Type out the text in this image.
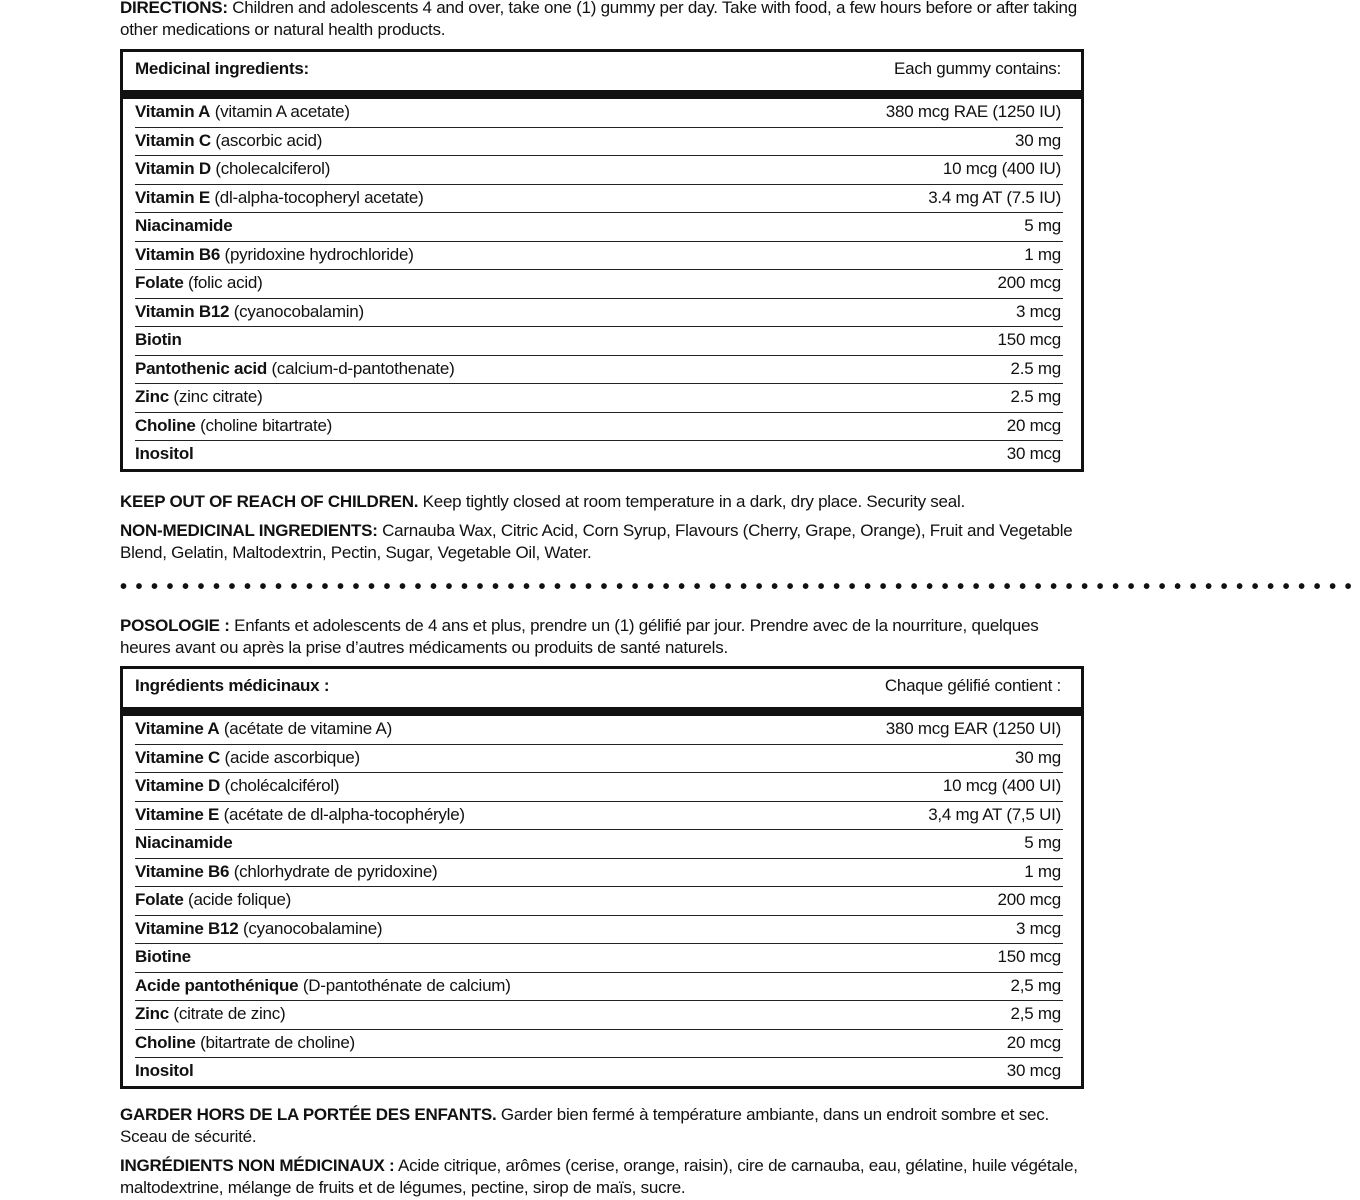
DIRECTIONS: Children and adolescents 4 and over, take one (1) gummy per day. Take with food, a few hours before or after taking other medications or natural health products.

Medicinal ingredients:	Each gummy contains:
Vitamin A (vitamin A acetate)	380 mcg RAE (1250 IU)
Vitamin C (ascorbic acid)	30 mg
Vitamin D (cholecalciferol)	10 mcg (400 IU)
Vitamin E (dl-alpha-tocopheryl acetate)	3.4 mg AT (7.5 IU)
Niacinamide	5 mg
Vitamin B6 (pyridoxine hydrochloride)	1 mg
Folate (folic acid)	200 mcg
Vitamin B12 (cyanocobalamin)	3 mcg
Biotin	150 mcg
Pantothenic acid (calcium-d-pantothenate)	2.5 mg
Zinc (zinc citrate)	2.5 mg
Choline (choline bitartrate)	20 mcg
Inositol	30 mcg

KEEP OUT OF REACH OF CHILDREN. Keep tightly closed at room temperature in a dark, dry place. Security seal.

NON-MEDICINAL INGREDIENTS: Carnauba Wax, Citric Acid, Corn Syrup, Flavours (Cherry, Grape, Orange), Fruit and Vegetable Blend, Gelatin, Maltodextrin, Pectin, Sugar, Vegetable Oil, Water.

••••••••••••••••••••••••••••••••••••••••••••••••••••••••••••••••••••••••••••••••

POSOLOGIE : Enfants et adolescents de 4 ans et plus, prendre un (1) gélifié par jour. Prendre avec de la nourriture, quelques heures avant ou après la prise d’autres médicaments ou produits de santé naturels.

Ingrédients médicinaux :	Chaque gélifié contient :
Vitamine A (acétate de vitamine A)	380 mcg EAR (1250 UI)
Vitamine C (acide ascorbique)	30 mg
Vitamine D (cholécalciférol)	10 mcg (400 UI)
Vitamine E (acétate de dl-alpha-tocophéryle)	3,4 mg AT (7,5 UI)
Niacinamide	5 mg
Vitamine B6 (chlorhydrate de pyridoxine)	1 mg
Folate (acide folique)	200 mcg
Vitamine B12 (cyanocobalamine)	3 mcg
Biotine	150 mcg
Acide pantothénique (D-pantothénate de calcium)	2,5 mg
Zinc (citrate de zinc)	2,5 mg
Choline (bitartrate de choline)	20 mcg
Inositol	30 mcg

GARDER HORS DE LA PORTÉE DES ENFANTS. Garder bien fermé à température ambiante, dans un endroit sombre et sec. Sceau de sécurité.

INGRÉDIENTS NON MÉDICINAUX : Acide citrique, arômes (cerise, orange, raisin), cire de carnauba, eau, gélatine, huile végétale, maltodextrine, mélange de fruits et de légumes, pectine, sirop de maïs, sucre.
